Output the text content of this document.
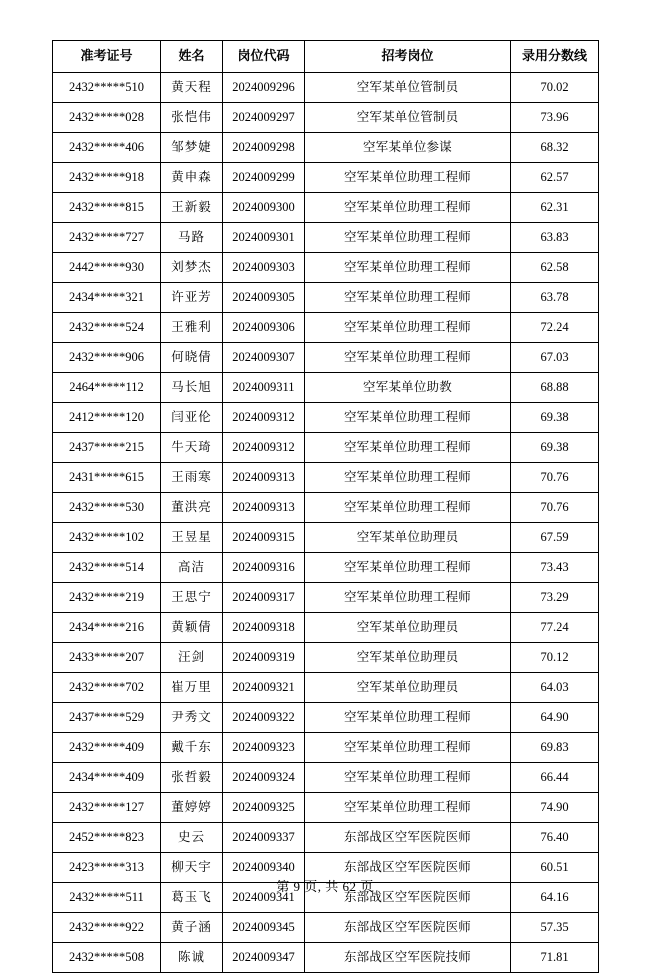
准考证号	姓名	岗位代码	招考岗位	录用分数线
2432*****510	黄天程	2024009296	空军某单位管制员	70.02
2432*****028	张恺伟	2024009297	空军某单位管制员	73.96
2432*****406	邹梦婕	2024009298	空军某单位参谋	68.32
2432*****918	黄申森	2024009299	空军某单位助理工程师	62.57
2432*****815	王新毅	2024009300	空军某单位助理工程师	62.31
2432*****727	马路	2024009301	空军某单位助理工程师	63.83
2442*****930	刘梦杰	2024009303	空军某单位助理工程师	62.58
2434*****321	许亚芳	2024009305	空军某单位助理工程师	63.78
2432*****524	王雅利	2024009306	空军某单位助理工程师	72.24
2432*****906	何晓倩	2024009307	空军某单位助理工程师	67.03
2464*****112	马长旭	2024009311	空军某单位助教	68.88
2412*****120	闫亚伦	2024009312	空军某单位助理工程师	69.38
2437*****215	牛天琦	2024009312	空军某单位助理工程师	69.38
2431*****615	王雨寒	2024009313	空军某单位助理工程师	70.76
2432*****530	董洪亮	2024009313	空军某单位助理工程师	70.76
2432*****102	王昱星	2024009315	空军某单位助理员	67.59
2432*****514	高洁	2024009316	空军某单位助理工程师	73.43
2432*****219	王思宁	2024009317	空军某单位助理工程师	73.29
2434*****216	黄颖倩	2024009318	空军某单位助理员	77.24
2433*****207	汪剑	2024009319	空军某单位助理员	70.12
2432*****702	崔万里	2024009321	空军某单位助理员	64.03
2437*****529	尹秀文	2024009322	空军某单位助理工程师	64.90
2432*****409	戴千东	2024009323	空军某单位助理工程师	69.83
2434*****409	张哲毅	2024009324	空军某单位助理工程师	66.44
2432*****127	董婷婷	2024009325	空军某单位助理工程师	74.90
2452*****823	史云	2024009337	东部战区空军医院医师	76.40
2423*****313	柳天宇	2024009340	东部战区空军医院医师	60.51
2432*****511	葛玉飞	2024009341	东部战区空军医院医师	64.16
2432*****922	黄子涵	2024009345	东部战区空军医院医师	57.35
2432*****508	陈诚	2024009347	东部战区空军医院技师	71.81
第 9 页, 共 62 页
